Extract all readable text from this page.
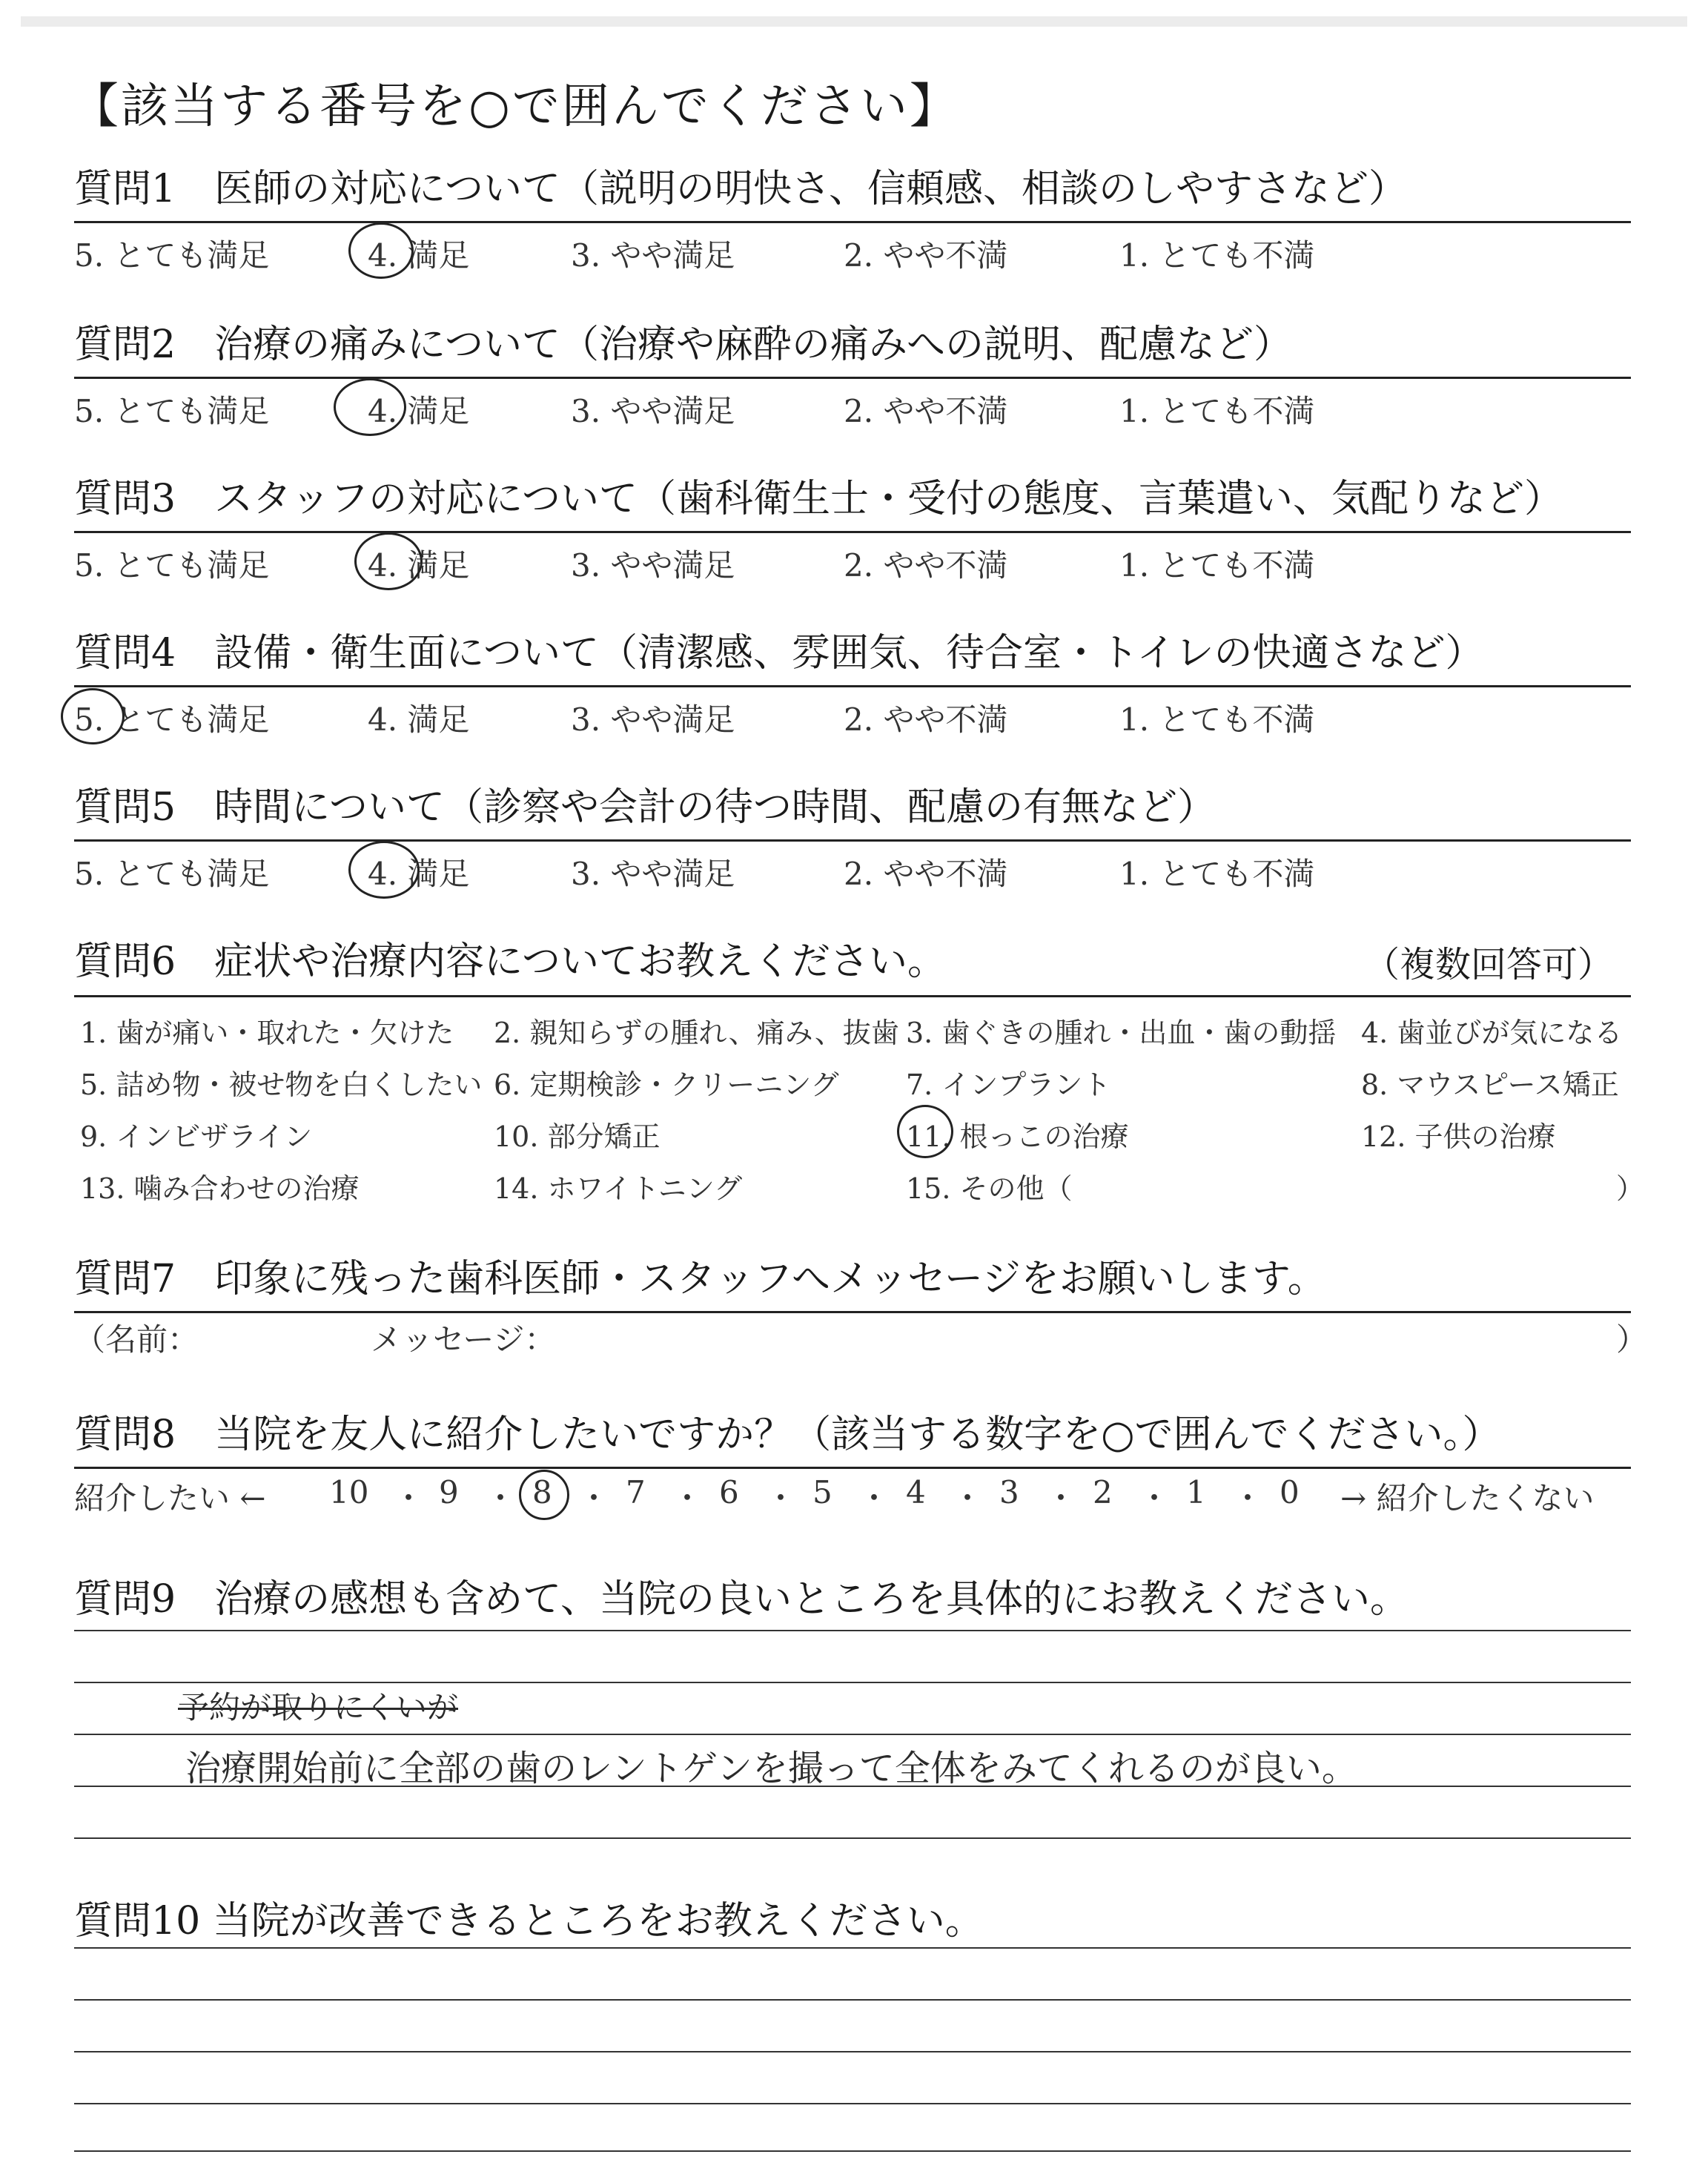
【該当する番号を○で囲んでください】
質問1　医師の対応について（説明の明快さ、信頼感、相談のしやすさなど）
5. とても満足	4. 満足	3. やや満足	2. やや不満	1. とても不満
質問2　治療の痛みについて（治療や麻酔の痛みへの説明、配慮など）
5. とても満足	4. 満足	3. やや満足	2. やや不満	1. とても不満
質問3　スタッフの対応について（歯科衛生士・受付の態度、言葉遣い、気配りなど）
5. とても満足	4. 満足	3. やや満足	2. やや不満	1. とても不満
質問4　設備・衛生面について（清潔感、雰囲気、待合室・トイレの快適さなど）
5. とても満足	4. 満足	3. やや満足	2. やや不満	1. とても不満
質問5　時間について（診察や会計の待つ時間、配慮の有無など）
5. とても満足	4. 満足	3. やや満足	2. やや不満	1. とても不満
質問6　症状や治療内容についてお教えください。	（複数回答可）
1. 歯が痛い・取れた・欠けた 2. 親知らずの腫れ、痛み、抜歯 3. 歯ぐきの腫れ・出血・歯の動揺 4. 歯並びが気になる
5. 詰め物・被せ物を白くしたい 6. 定期検診・クリーニング 7. インプラント	8. マウスピース矯正
9. インビザライン	10. 部分矯正	11. 根っこの治療	12. 子供の治療
13. 噛み合わせの治療	14. ホワイトニング	15. その他（	）
質問7　印象に残った歯科医師・スタッフへメッセージをお願いします。
（名前：	メッセージ：	）
質問8　当院を友人に紹介したいですか？（該当する数字を○で囲んでください。）
紹介したい ← 10 ・ 9 ・ 8 ・ 7 ・ 6 ・ 5 ・ 4 ・ 3 ・ 2 ・ 1 ・ 0 → 紹介したくない
質問9　治療の感想も含めて、当院の良いところを具体的にお教えください。
予約が取りにくいが
治療開始前に全部の歯のレントゲンを撮って全体をみてくれるのが良い。
質問10 当院が改善できるところをお教えください。
